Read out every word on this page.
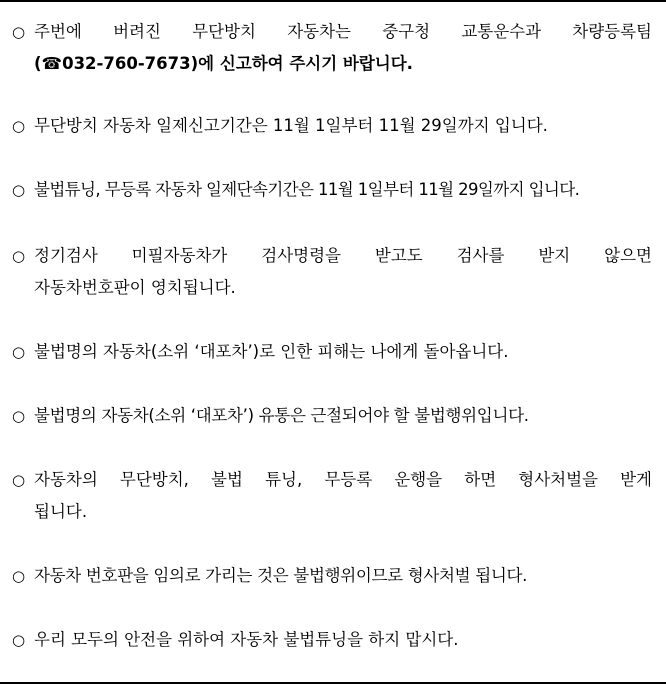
○ 주번에 버려진 무단방치 자동차는 중구청 교통운수과 차량등록팀
(☎032-760-7673)에 신고하여 주시기 바랍니다.
○ 무단방치 자동차 일제신고기간은 11월 1일부터 11월 29일까지 입니다.
○ 불법튜닝, 무등록 자동차 일제단속기간은 11월 1일부터 11월 29일까지 입니다.
○ 정기검사 미필자동차가 검사명령을 받고도 검사를 받지 않으면
자동차번호판이 영치됩니다.
○ 불법명의 자동차(소위 ‘대포차’)로 인한 피해는 나에게 돌아옵니다.
○ 불법명의 자동차(소위 ‘대포차’) 유통은 근절되어야 할 불법행위입니다.
○ 자동차의 무단방치, 불법 튜닝, 무등록 운행을 하면 형사처벌을 받게
됩니다.
○ 자동차 번호판을 임의로 가리는 것은 불법행위이므로 형사처벌 됩니다.
○ 우리 모두의 안전을 위하여 자동차 불법튜닝을 하지 맙시다.
